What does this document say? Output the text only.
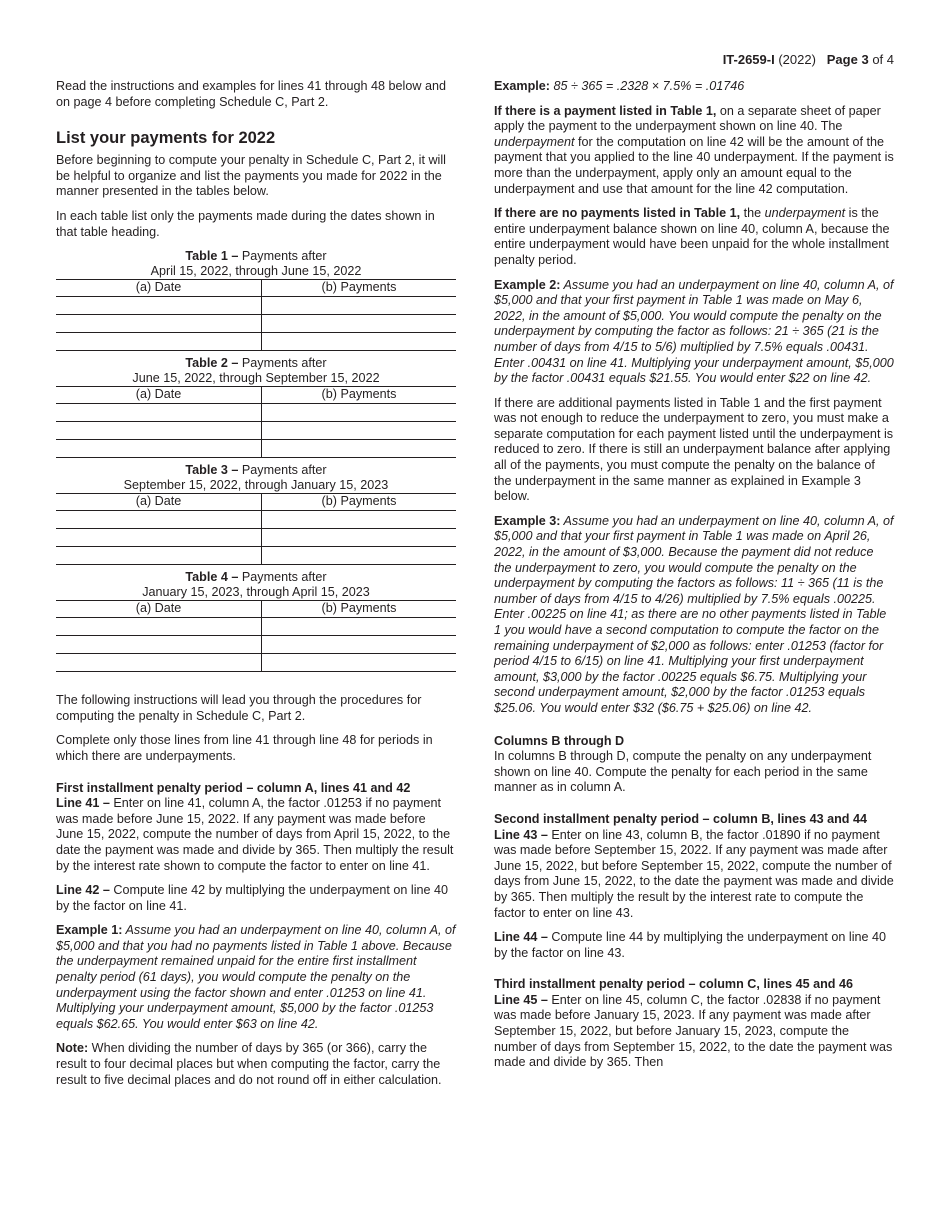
IT-2659-I (2022) Page 3 of 4

Read the instructions and examples for lines 41 through 48 below and on page 4 before completing Schedule C, Part 2.

List your payments for 2022

Before beginning to compute your penalty in Schedule C, Part 2, it will be helpful to organize and list the payments you made for 2022 in the manner presented in the tables below.

In each table list only the payments made during the dates shown in that table heading.

Table 1 – Payments after
April 15, 2022, through June 15, 2022
(a) Date	(b) Payments

Table 2 – Payments after
June 15, 2022, through September 15, 2022
(a) Date	(b) Payments

Table 3 – Payments after
September 15, 2022, through January 15, 2023
(a) Date	(b) Payments

Table 4 – Payments after
January 15, 2023, through April 15, 2023
(a) Date	(b) Payments

The following instructions will lead you through the procedures for computing the penalty in Schedule C, Part 2.

Complete only those lines from line 41 through line 48 for periods in which there are underpayments.

First installment penalty period – column A, lines 41 and 42

Line 41 – Enter on line 41, column A, the factor .01253 if no payment was made before June 15, 2022. If any payment was made before June 15, 2022, compute the number of days from April 15, 2022, to the date the payment was made and divide by 365. Then multiply the result by the interest rate shown to compute the factor to enter on line 41.

Line 42 – Compute line 42 by multiplying the underpayment on line 40 by the factor on line 41.

Example 1: Assume you had an underpayment on line 40, column A, of $5,000 and that you had no payments listed in Table 1 above. Because the underpayment remained unpaid for the entire first installment penalty period (61 days), you would compute the penalty on the underpayment using the factor shown and enter .01253 on line 41. Multiplying your underpayment amount, $5,000 by the factor .01253 equals $62.65. You would enter $63 on line 42.

Note: When dividing the number of days by 365 (or 366), carry the result to four decimal places but when computing the factor, carry the result to five decimal places and do not round off in either calculation.

Example: 85 ÷ 365 = .2328 × 7.5% = .01746

If there is a payment listed in Table 1, on a separate sheet of paper apply the payment to the underpayment shown on line 40. The underpayment for the computation on line 42 will be the amount of the payment that you applied to the line 40 underpayment. If the payment is more than the underpayment, apply only an amount equal to the underpayment and use that amount for the line 42 computation.

If there are no payments listed in Table 1, the underpayment is the entire underpayment balance shown on line 40, column A, because the entire underpayment would have been unpaid for the whole installment penalty period.

Example 2: Assume you had an underpayment on line 40, column A, of $5,000 and that your first payment in Table 1 was made on May 6, 2022, in the amount of $5,000. You would compute the penalty on the underpayment by computing the factor as follows: 21 ÷ 365 (21 is the number of days from 4/15 to 5/6) multiplied by 7.5% equals .00431. Enter .00431 on line 41. Multiplying your underpayment amount, $5,000 by the factor .00431 equals $21.55. You would enter $22 on line 42.

If there are additional payments listed in Table 1 and the first payment was not enough to reduce the underpayment to zero, you must make a separate computation for each payment listed until the underpayment is reduced to zero. If there is still an underpayment balance after applying all of the payments, you must compute the penalty on the balance of the underpayment in the same manner as explained in Example 3 below.

Example 3: Assume you had an underpayment on line 40, column A, of $5,000 and that your first payment in Table 1 was made on April 26, 2022, in the amount of $3,000. Because the payment did not reduce the underpayment to zero, you would compute the penalty on the underpayment by computing the factors as follows: 11 ÷ 365 (11 is the number of days from 4/15 to 4/26) multiplied by 7.5% equals .00225. Enter .00225 on line 41; as there are no other payments listed in Table 1 you would have a second computation to compute the factor on the remaining underpayment of $2,000 as follows: enter .01253 (factor for period 4/15 to 6/15) on line 41. Multiplying your first underpayment amount, $3,000 by the factor .00225 equals $6.75. Multiplying your second underpayment amount, $2,000 by the factor .01253 equals $25.06. You would enter $32 ($6.75 + $25.06) on line 42.

Columns B through D

In columns B through D, compute the penalty on any underpayment shown on line 40. Compute the penalty for each period in the same manner as in column A.

Second installment penalty period – column B, lines 43 and 44

Line 43 – Enter on line 43, column B, the factor .01890 if no payment was made before September 15, 2022. If any payment was made after June 15, 2022, but before September 15, 2022, compute the number of days from June 15, 2022, to the date the payment was made and divide by 365. Then multiply the result by the interest rate to compute the factor to enter on line 43.

Line 44 – Compute line 44 by multiplying the underpayment on line 40 by the factor on line 43.

Third installment penalty period – column C, lines 45 and 46

Line 45 – Enter on line 45, column C, the factor .02838 if no payment was made before January 15, 2023. If any payment was made after September 15, 2022, but before January 15, 2023, compute the number of days from September 15, 2022, to the date the payment was made and divide by 365. Then
